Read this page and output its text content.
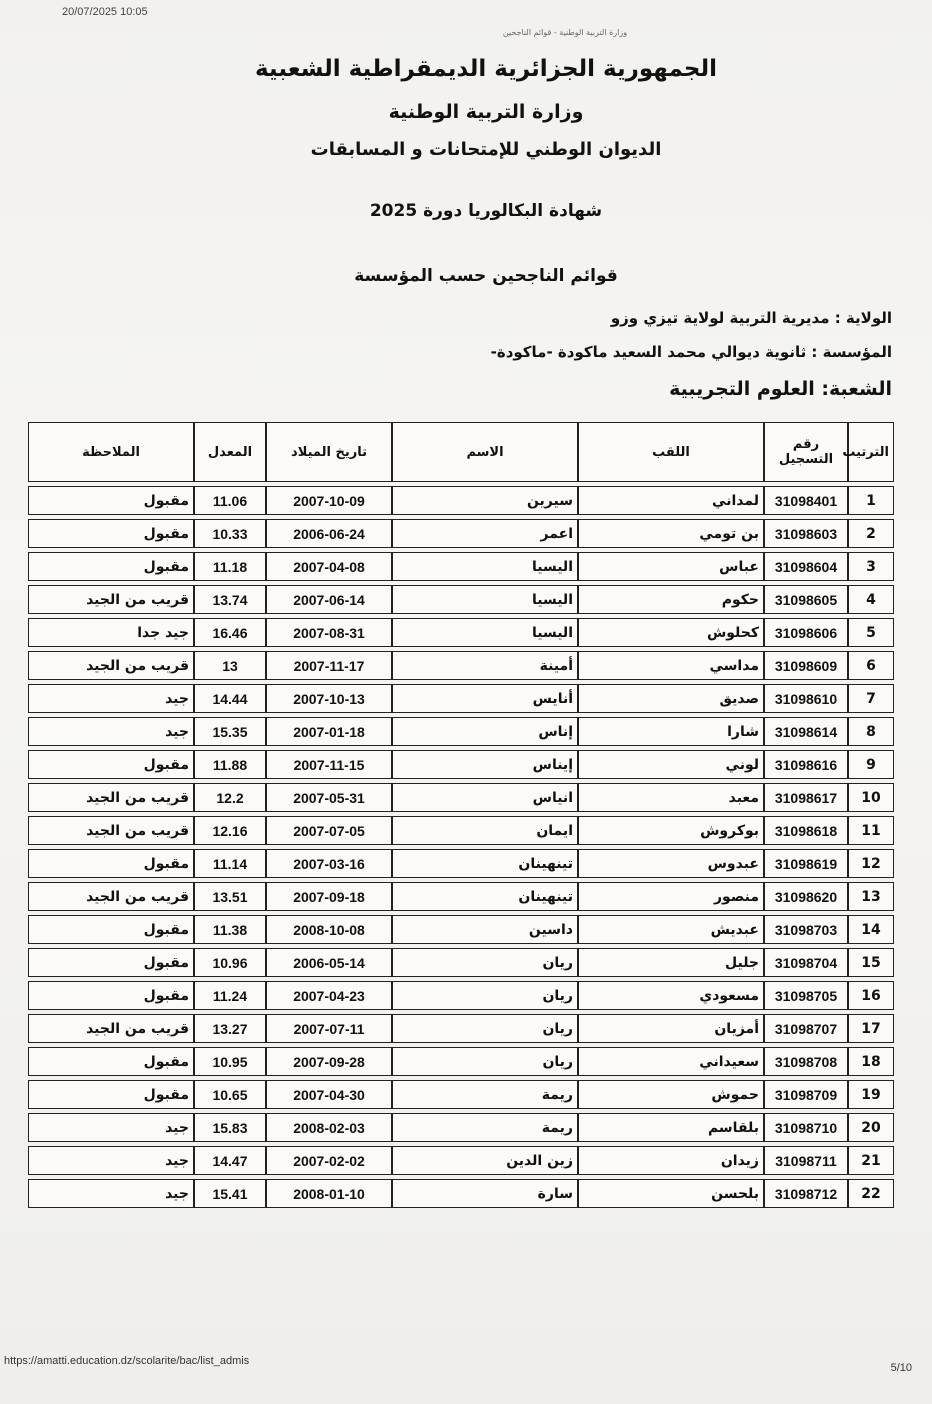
20/07/2025 10:05
وزارة التربية الوطنية - قوائم الناجحين
الجمهورية الجزائرية الديمقراطية الشعبية
وزارة التربية الوطنية
الديوان الوطني للإمتحانات و المسابقات
شهادة البكالوريا دورة 2025
قوائم الناجحين حسب المؤسسة
الولاية : مديرية التربية لولاية تيزي وزو
المؤسسة : ثانوية ديوالي محمد السعيد ماكودة -ماكودة-
الشعبة: العلوم التجريبية
الترتيب	رقم التسجيل	اللقب	الاسم	تاريخ الميلاد	المعدل	الملاحظة
1	31098401	لمداني	سيرين	2007-10-09	11.06	مقبول
2	31098603	بن تومي	اعمر	2006-06-24	10.33	مقبول
3	31098604	عباس	اليسيا	2007-04-08	11.18	مقبول
4	31098605	حكوم	اليسيا	2007-06-14	13.74	قريب من الجيد
5	31098606	كحلوش	اليسيا	2007-08-31	16.46	جيد جدا
6	31098609	مداسي	أمينة	2007-11-17	13	قريب من الجيد
7	31098610	صديق	أنايس	2007-10-13	14.44	جيد
8	31098614	شارا	إناس	2007-01-18	15.35	جيد
9	31098616	لوني	إيناس	2007-11-15	11.88	مقبول
10	31098617	معبد	انياس	2007-05-31	12.2	قريب من الجيد
11	31098618	بوكروش	ايمان	2007-07-05	12.16	قريب من الجيد
12	31098619	عبدوس	تينهينان	2007-03-16	11.14	مقبول
13	31098620	منصور	تينهينان	2007-09-18	13.51	قريب من الجيد
14	31098703	عبديش	داسين	2008-10-08	11.38	مقبول
15	31098704	جليل	ريان	2006-05-14	10.96	مقبول
16	31098705	مسعودي	ريان	2007-04-23	11.24	مقبول
17	31098707	أمزيان	ريان	2007-07-11	13.27	قريب من الجيد
18	31098708	سعيداني	ريان	2007-09-28	10.95	مقبول
19	31098709	حموش	ريمة	2007-04-30	10.65	مقبول
20	31098710	بلقاسم	ريمة	2008-02-03	15.83	جيد
21	31098711	زيدان	زين الدين	2007-02-02	14.47	جيد
22	31098712	بلحسن	سارة	2008-01-10	15.41	جيد
https://amatti.education.dz/scolarite/bac/list_admis
5/10
